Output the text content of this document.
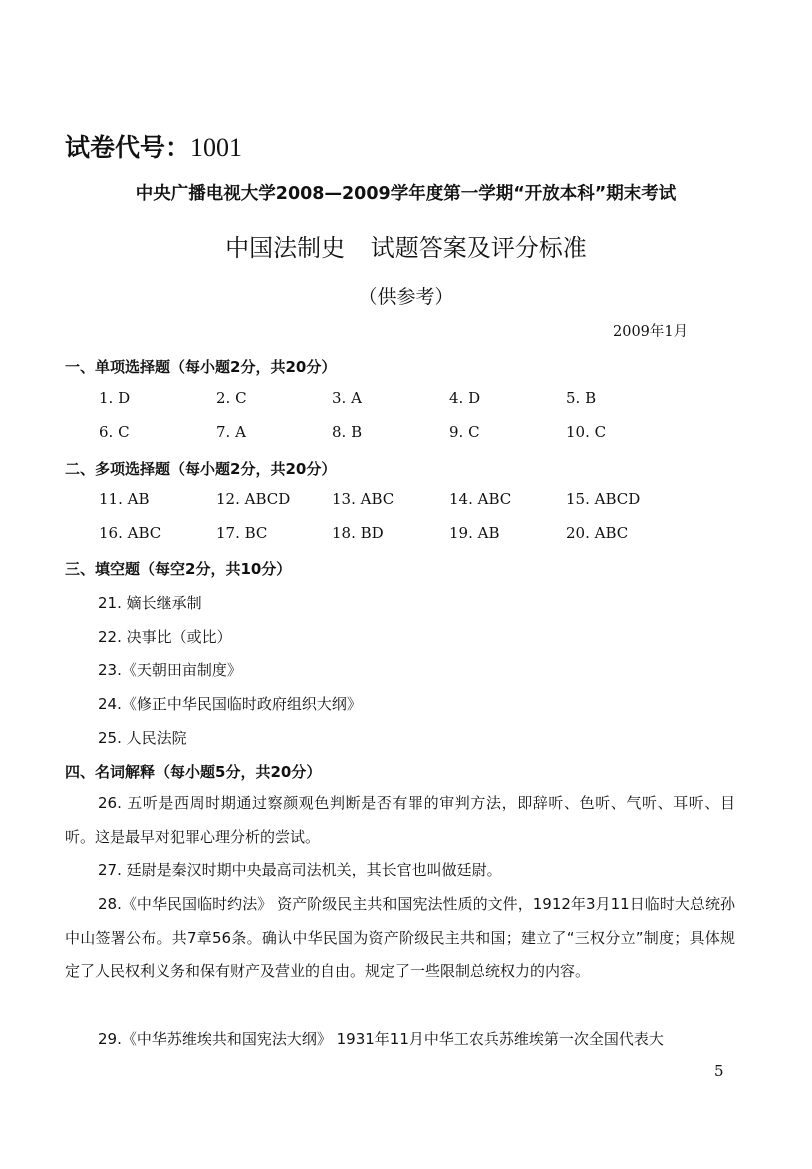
试卷代号：1001
中央广播电视大学2008—2009学年度第一学期“开放本科”期末考试
中国法制史 试题答案及评分标准
（供参考）
2009年1月
一、单项选择题（每小题2分，共20分）
1. D	2. C	3. A	4. D	5. B
6. C	7. A	8. B	9. C	10. C
二、多项选择题（每小题2分，共20分）
11. AB	12. ABCD	13. ABC	14. ABC	15. ABCD
16. ABC	17. BC	18. BD	19. AB	20. ABC
三、填空题（每空2分，共10分）
21. 嫡长继承制
22. 决事比（或比）
23.《天朝田亩制度》
24.《修正中华民国临时政府组织大纲》
25. 人民法院
四、名词解释（每小题5分，共20分）
26. 五听是西周时期通过察颜观色判断是否有罪的审判方法，即辞听、色听、气听、耳听、目听。这是最早对犯罪心理分析的尝试。
27. 廷尉是秦汉时期中央最高司法机关，其长官也叫做廷尉。
28.《中华民国临时约法》 资产阶级民主共和国宪法性质的文件，1912年3月11日临时大总统孙中山签署公布。共7章56条。确认中华民国为资产阶级民主共和国；建立了“三权分立”制度；具体规定了人民权利义务和保有财产及营业的自由。规定了一些限制总统权力的内容。
29.《中华苏维埃共和国宪法大纲》 1931年11月中华工农兵苏维埃第一次全国代表大
5
